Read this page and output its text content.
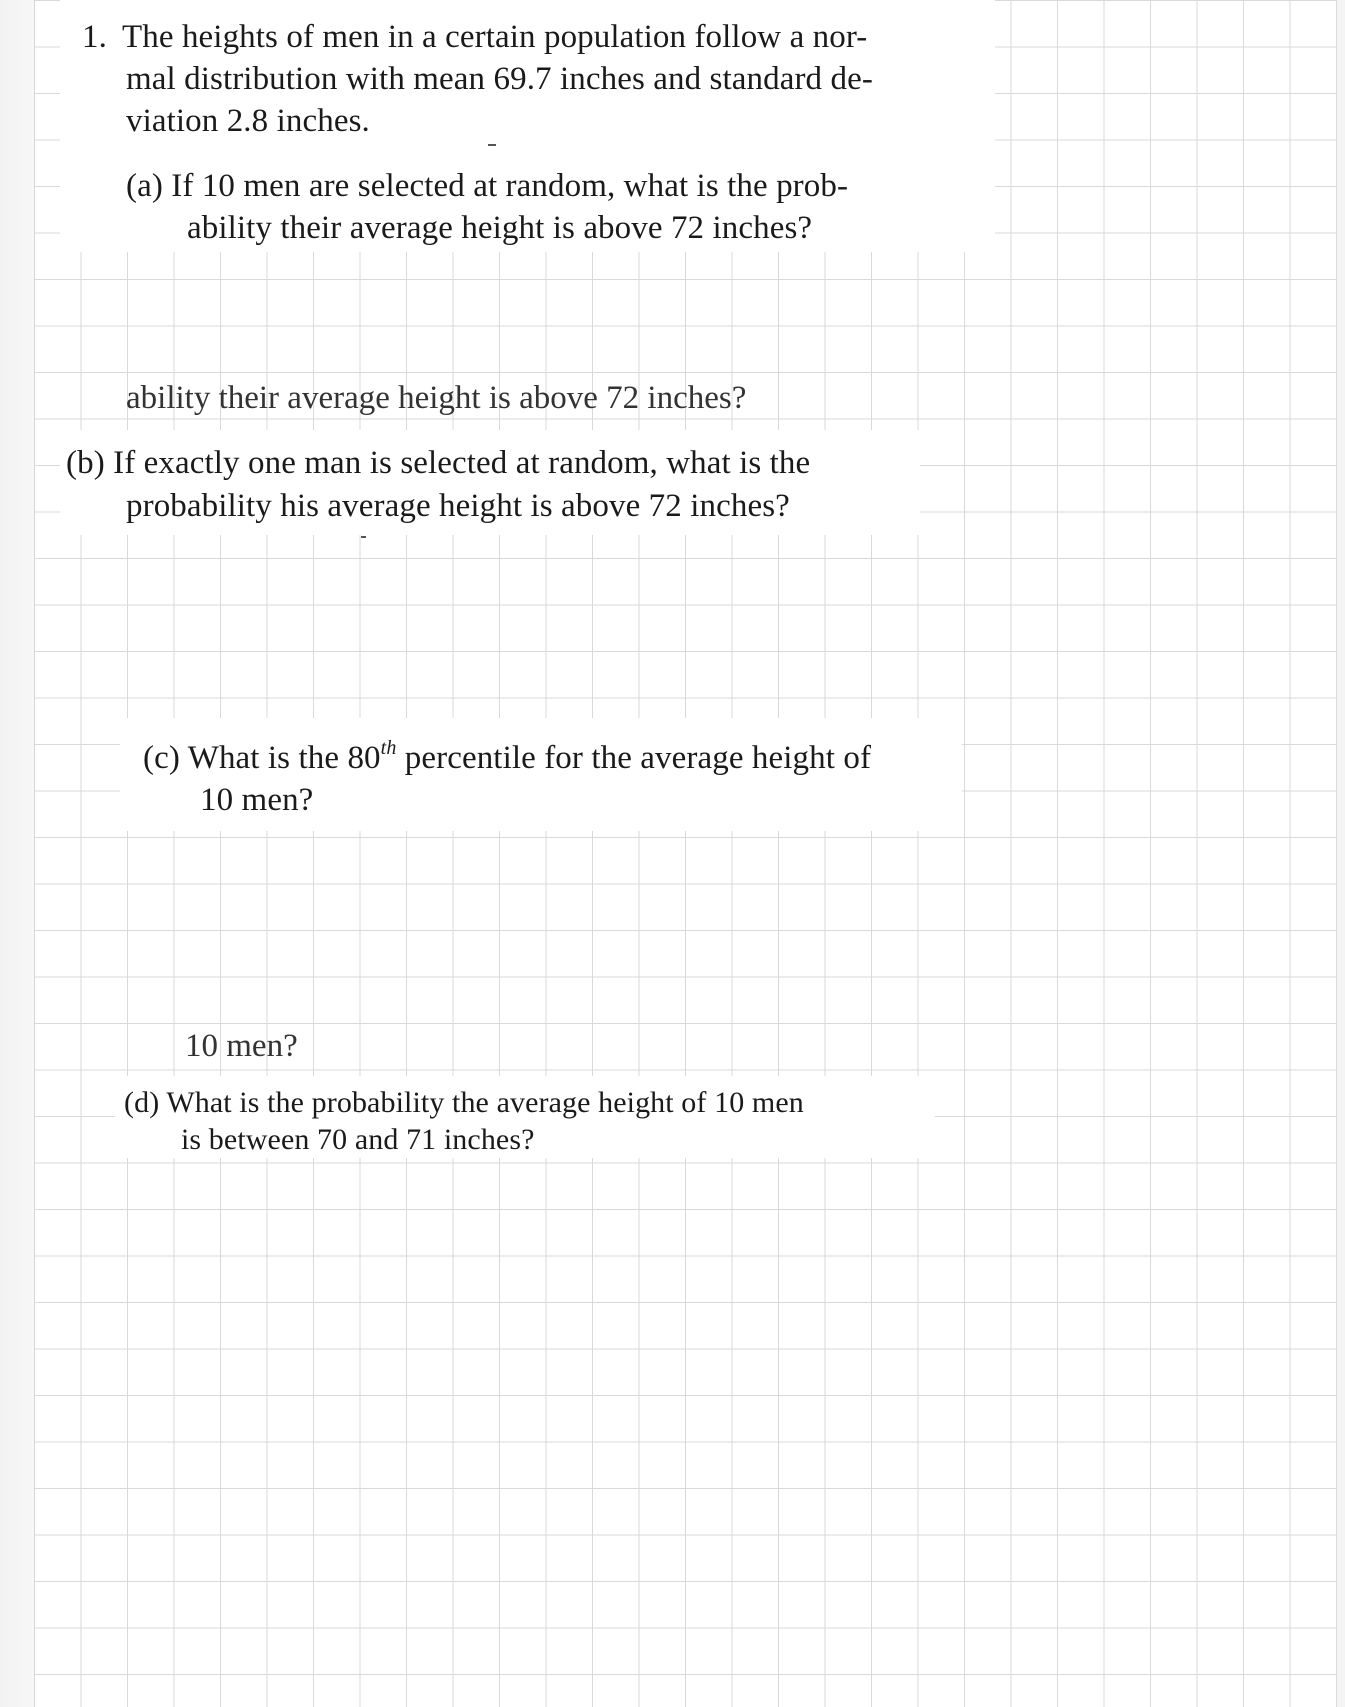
1. The heights of men in a certain population follow a nor-
mal distribution with mean 69.7 inches and standard de-
viation 2.8 inches.
(a) If 10 men are selected at random, what is the prob-
ability their average height is above 72 inches?
ability their average height is above 72 inches?
(b) If exactly one man is selected at random, what is the
probability his average height is above 72 inches?
(c) What is the 80th percentile for the average height of
10 men?
10 men?
(d) What is the probability the average height of 10 men
is between 70 and 71 inches?
